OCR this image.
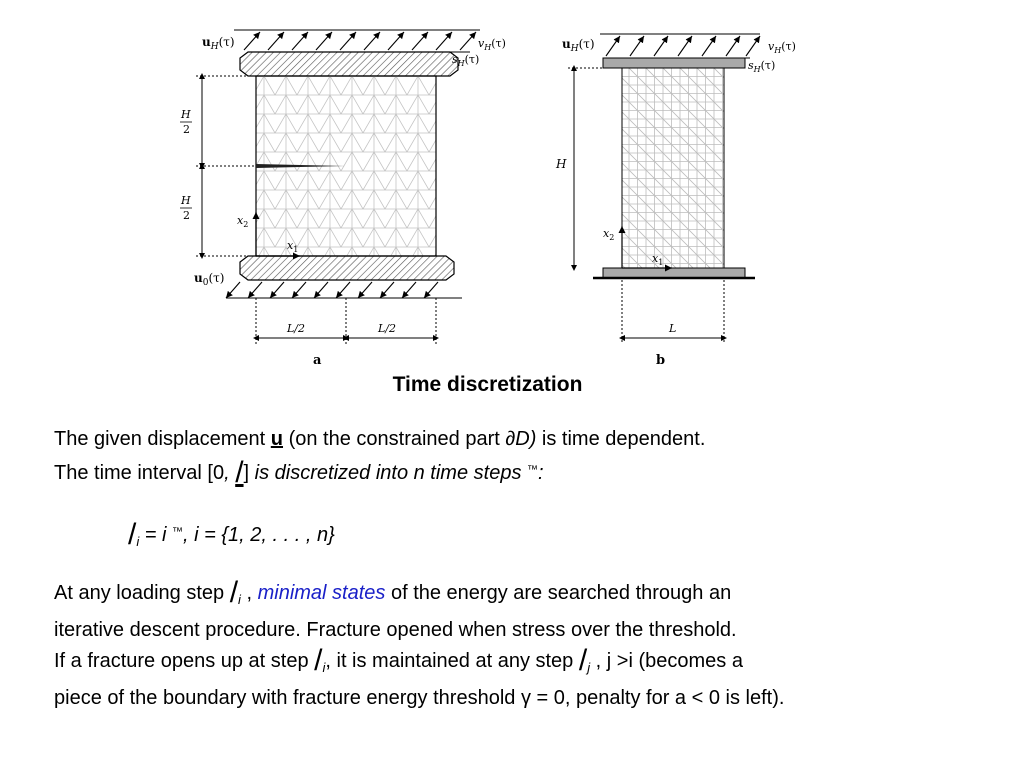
$u_H(\tau)$	$v_H(\tau)$
$s_H(\tau)$
H
2
H
2	$x_2$
$x_1$
$u_0(\tau)$
L/2	L/2
a
$u_H(\tau)$	$v_H(\tau)$
$s_H(\tau)$
H
$x_2$
$x_1$
L
b
Time discretization
The given displacement u (on the constrained part ∂D) is time dependent.
The time interval [0, /] is discretized into n time steps ™:
$/_i = i$ ™, i = {1, 2, . . . , n}
At any loading step $/_i$ , minimal states of the energy are searched through an
iterative descent procedure. Fracture opened when stress over the threshold.
If a fracture opens up at step $/_i$, it is maintained at any step $/_j$ , j >i (becomes a
piece of the boundary with fracture energy threshold γ = 0, penalty for a < 0 is left).
